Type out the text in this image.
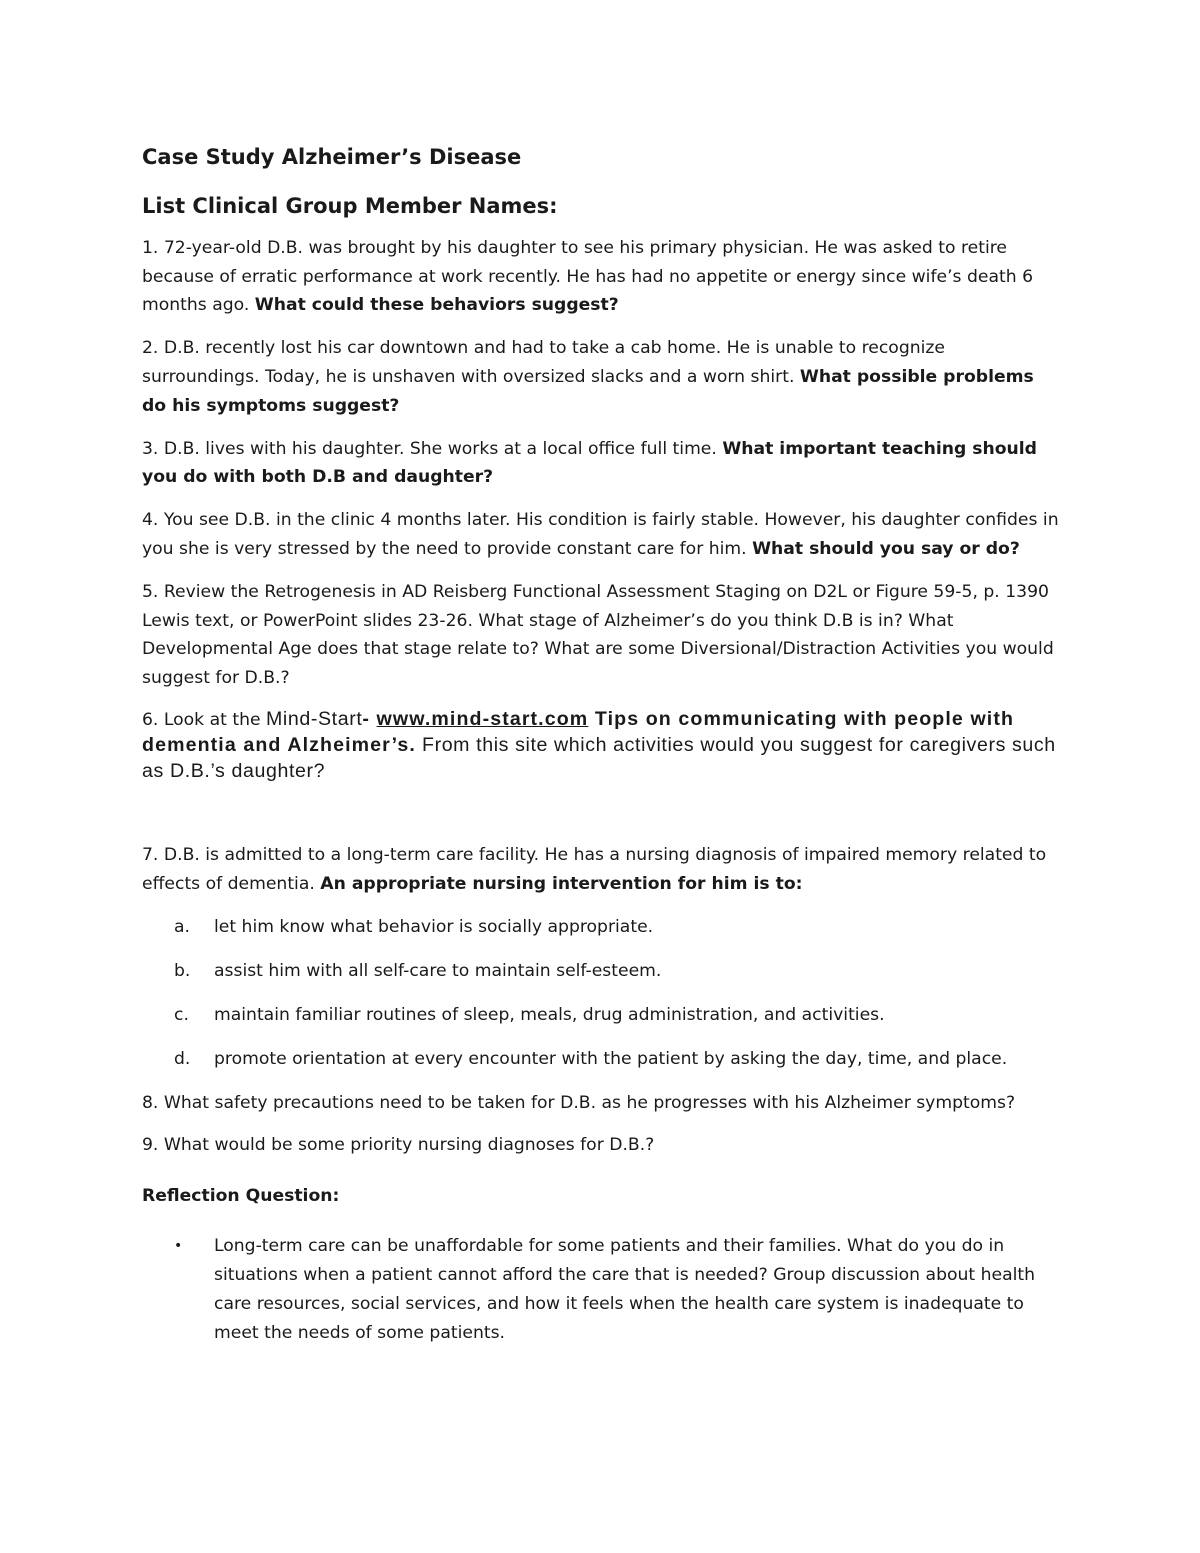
Case Study Alzheimer’s Disease
List Clinical Group Member Names:

1. 72-year-old D.B. was brought by his daughter to see his primary physician. He was asked to retire because of erratic performance at work recently. He has had no appetite or energy since wife’s death 6 months ago. What could these behaviors suggest?

2. D.B. recently lost his car downtown and had to take a cab home. He is unable to recognize surroundings. Today, he is unshaven with oversized slacks and a worn shirt. What possible problems do his symptoms suggest?

3. D.B. lives with his daughter. She works at a local office full time. What important teaching should you do with both D.B and daughter?

4. You see D.B. in the clinic 4 months later. His condition is fairly stable. However, his daughter confides in you she is very stressed by the need to provide constant care for him. What should you say or do?

5. Review the Retrogenesis in AD Reisberg Functional Assessment Staging on D2L or Figure 59-5, p. 1390 Lewis text, or PowerPoint slides 23-26. What stage of Alzheimer’s do you think D.B is in? What Developmental Age does that stage relate to? What are some Diversional/Distraction Activities you would suggest for D.B.?

6. Look at the Mind-Start- www.mind-start.com Tips on communicating with people with dementia and Alzheimer’s. From this site which activities would you suggest for caregivers such as D.B.’s daughter?

7. D.B. is admitted to a long-term care facility. He has a nursing diagnosis of impaired memory related to effects of dementia. An appropriate nursing intervention for him is to:

a.	let him know what behavior is socially appropriate.
b.	assist him with all self-care to maintain self-esteem.
c.	maintain familiar routines of sleep, meals, drug administration, and activities.
d.	promote orientation at every encounter with the patient by asking the day, time, and place.

8. What safety precautions need to be taken for D.B. as he progresses with his Alzheimer symptoms?

9. What would be some priority nursing diagnoses for D.B.?

Reflection Question:
•	Long-term care can be unaffordable for some patients and their families. What do you do in situations when a patient cannot afford the care that is needed? Group discussion about health care resources, social services, and how it feels when the health care system is inadequate to meet the needs of some patients.
